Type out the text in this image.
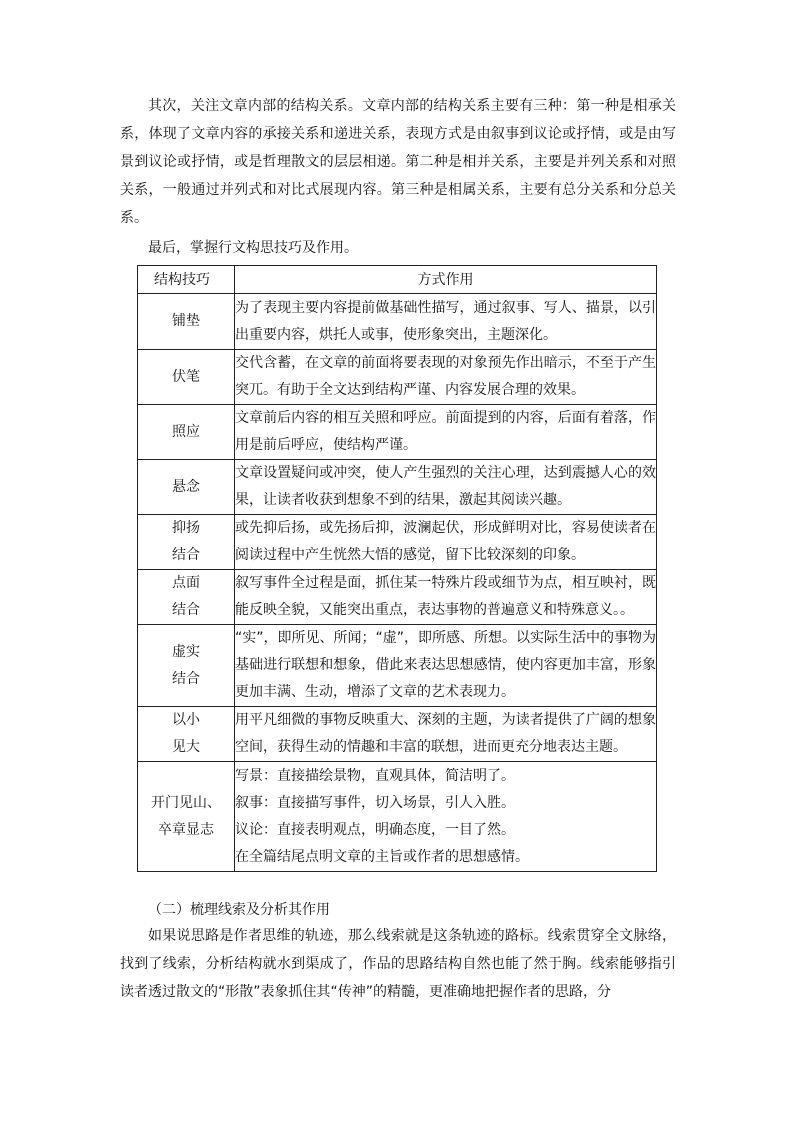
其次，关注文章内部的结构关系。文章内部的结构关系主要有三种：第一种是相承关系，体现了文章内容的承接关系和递进关系，表现方式是由叙事到议论或抒情，或是由写景到议论或抒情，或是哲理散文的层层相递。第二种是相并关系，主要是并列关系和对照关系，一般通过并列式和对比式展现内容。第三种是相属关系，主要有总分关系和分总关系。

最后，掌握行文构思技巧及作用。

结构技巧	方式作用
铺垫	为了表现主要内容提前做基础性描写，通过叙事、写人、描景，以引出重要内容，烘托人或事，使形象突出，主题深化。

伏笔	交代含蓄，在文章的前面将要表现的对象预先作出暗示，不至于产生突兀。有助于全文达到结构严谨、内容发展合理的效果。

照应	文章前后内容的相互关照和呼应。前面提到的内容，后面有着落，作用是前后呼应，使结构严谨。

悬念	文章设置疑问或冲突，使人产生强烈的关注心理，达到震撼人心的效果，让读者收获到想象不到的结果，激起其阅读兴趣。

抑扬
结合	或先抑后扬，或先扬后抑，波澜起伏，形成鲜明对比，容易使读者在阅读过程中产生恍然大悟的感觉，留下比较深刻的印象。

点面
结合	叙写事件全过程是面，抓住某一特殊片段或细节为点，相互映衬，既能反映全貌，又能突出重点，表达事物的普遍意义和特殊意义。。

虚实
结合	“实”，即所见、所闻；“虚”，即所感、所想。以实际生活中的事物为基础进行联想和想象，借此来表达思想感情，使内容更加丰富，形象更加丰满、生动，增添了文章的艺术表现力。

以小
见大	用平凡细微的事物反映重大、深刻的主题，为读者提供了广阔的想象空间，获得生动的情趣和丰富的联想，进而更充分地表达主题。

开门见山、
卒章显志	写景：直接描绘景物，直观具体，简洁明了。
叙事：直接描写事件，切入场景，引人入胜。
议论：直接表明观点，明确态度，一目了然。
在全篇结尾点明文章的主旨或作者的思想感情。

（二）梳理线索及分析其作用

如果说思路是作者思维的轨迹，那么线索就是这条轨迹的路标。线索贯穿全文脉络，找到了线索，分析结构就水到渠成了，作品的思路结构自然也能了然于胸。线索能够指引读者透过散文的“形散”表象抓住其“传神”的精髓，更准确地把握作者的思路，分
